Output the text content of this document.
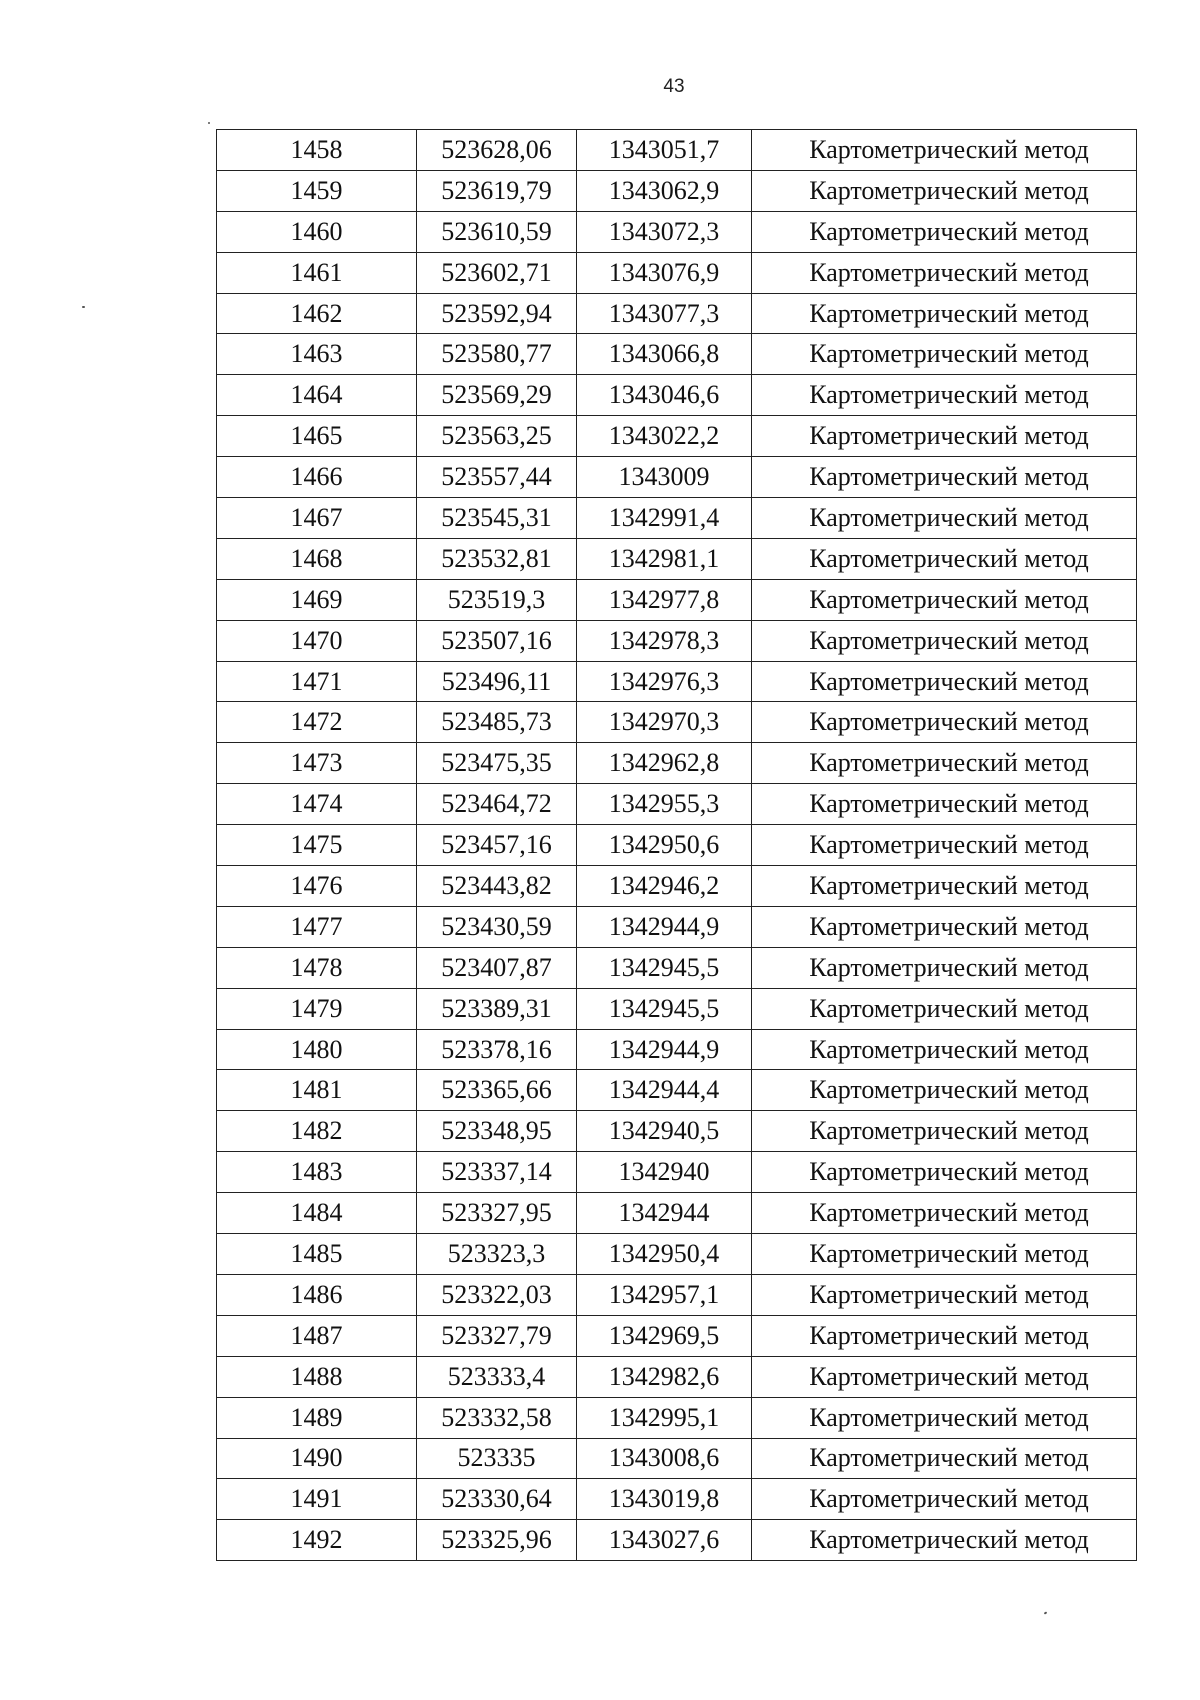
43
1458	523628,06	1343051,7	Картометрический метод
1459	523619,79	1343062,9	Картометрический метод
1460	523610,59	1343072,3	Картометрический метод
1461	523602,71	1343076,9	Картометрический метод
1462	523592,94	1343077,3	Картометрический метод
1463	523580,77	1343066,8	Картометрический метод
1464	523569,29	1343046,6	Картометрический метод
1465	523563,25	1343022,2	Картометрический метод
1466	523557,44	1343009	Картометрический метод
1467	523545,31	1342991,4	Картометрический метод
1468	523532,81	1342981,1	Картометрический метод
1469	523519,3	1342977,8	Картометрический метод
1470	523507,16	1342978,3	Картометрический метод
1471	523496,11	1342976,3	Картометрический метод
1472	523485,73	1342970,3	Картометрический метод
1473	523475,35	1342962,8	Картометрический метод
1474	523464,72	1342955,3	Картометрический метод
1475	523457,16	1342950,6	Картометрический метод
1476	523443,82	1342946,2	Картометрический метод
1477	523430,59	1342944,9	Картометрический метод
1478	523407,87	1342945,5	Картометрический метод
1479	523389,31	1342945,5	Картометрический метод
1480	523378,16	1342944,9	Картометрический метод
1481	523365,66	1342944,4	Картометрический метод
1482	523348,95	1342940,5	Картометрический метод
1483	523337,14	1342940	Картометрический метод
1484	523327,95	1342944	Картометрический метод
1485	523323,3	1342950,4	Картометрический метод
1486	523322,03	1342957,1	Картометрический метод
1487	523327,79	1342969,5	Картометрический метод
1488	523333,4	1342982,6	Картометрический метод
1489	523332,58	1342995,1	Картометрический метод
1490	523335	1343008,6	Картометрический метод
1491	523330,64	1343019,8	Картометрический метод
1492	523325,96	1343027,6	Картометрический метод
